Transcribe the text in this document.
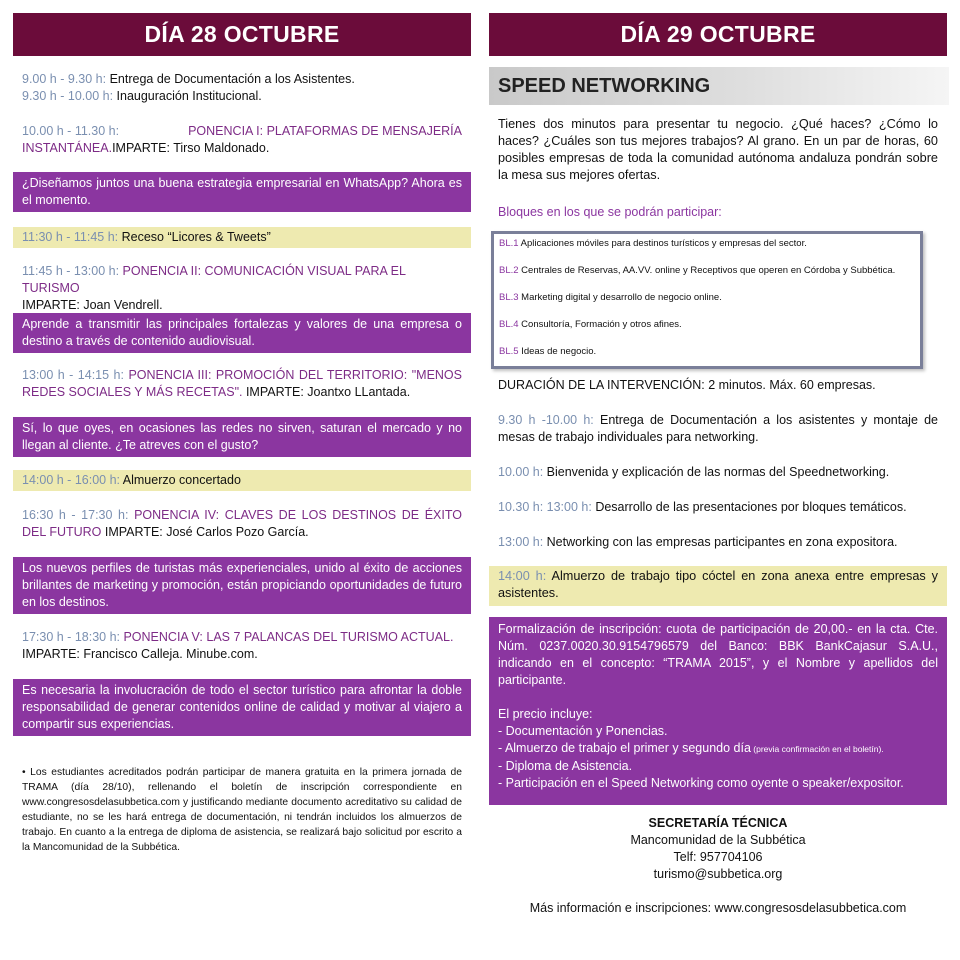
DÍA 28 OCTUBRE
9.00 h - 9.30 h: Entrega de Documentación a los Asistentes.
9.30 h - 10.00 h: Inauguración Institucional.
10.00 h - 11.30 h:	PONENCIA I: PLATAFORMAS DE MENSAJERÍA
INSTANTÁNEA.IMPARTE: Tirso Maldonado.
¿Diseñamos juntos una buena estrategia empresarial en WhatsApp? Ahora es el momento.
11:30 h - 11:45 h: Receso “Licores & Tweets”
11:45 h - 13:00 h: PONENCIA II: COMUNICACIÓN VISUAL PARA EL TURISMO
IMPARTE: Joan Vendrell.
Aprende a transmitir las principales fortalezas y valores de una empresa o destino a través de contenido audiovisual.
13:00 h - 14:15 h: PONENCIA III: PROMOCIÓN DEL TERRITORIO: "MENOS REDES SOCIALES Y MÁS RECETAS". IMPARTE: Joantxo LLantada.
Sí, lo que oyes, en ocasiones las redes no sirven, saturan el mercado y no llegan al cliente. ¿Te atreves con el gusto?
14:00 h - 16:00 h: Almuerzo concertado
16:30 h - 17:30 h: PONENCIA IV: CLAVES DE LOS DESTINOS DE ÉXITO DEL FUTURO IMPARTE: José Carlos Pozo García.
Los nuevos perfiles de turistas más experienciales, unido al éxito de acciones brillantes de marketing y promoción, están propiciando oportunidades de futuro en los destinos.
17:30 h - 18:30 h: PONENCIA V: LAS 7 PALANCAS DEL TURISMO ACTUAL.
IMPARTE: Francisco Calleja. Minube.com.
Es necesaria la involucración de todo el sector turístico para afrontar la doble responsabilidad de generar contenidos online de calidad y motivar al viajero a compartir sus experiencias.
• Los estudiantes acreditados podrán participar de manera gratuita en la primera jornada de TRAMA (día 28/10), rellenando el boletín de inscripción correspondiente en www.congresosdelasubbetica.com y justificando mediante documento acreditativo su calidad de estudiante, no se les hará entrega de documentación, ni tendrán incluidos los almuerzos de trabajo. En cuanto a la entrega de diploma de asistencia, se realizará bajo solicitud por escrito a la Mancomunidad de la Subbética.
DÍA 29 OCTUBRE
SPEED NETWORKING
Tienes dos minutos para presentar tu negocio. ¿Qué haces? ¿Cómo lo haces? ¿Cuáles son tus mejores trabajos? Al grano. En un par de horas, 60 posibles empresas de toda la comunidad autónoma andaluza pondrán sobre la mesa sus mejores ofertas.
Bloques en los que se podrán participar:
BL.1 Aplicaciones móviles para destinos turísticos y empresas del sector.
BL.2 Centrales de Reservas, AA.VV. online y Receptivos que operen en Córdoba y Subbética.
BL.3 Marketing digital y desarrollo de negocio online.
BL.4 Consultoría, Formación y otros afines.
BL.5 Ideas de negocio.
DURACIÓN DE LA INTERVENCIÓN: 2 minutos. Máx. 60 empresas.
9.30 h -10.00 h: Entrega de Documentación a los asistentes y montaje de mesas de trabajo individuales para networking.
10.00 h: Bienvenida y explicación de las normas del Speednetworking.
10.30 h: 13:00 h: Desarrollo de las presentaciones por bloques temáticos.
13:00 h: Networking con las empresas participantes en zona expositora.
14:00 h: Almuerzo de trabajo tipo cóctel en zona anexa entre empresas y asistentes.
Formalización de inscripción: cuota de participación de 20,00.- en la cta. Cte. Núm. 0237.0020.30.9154796579 del Banco: BBK BankCajasur S.A.U., indicando en el concepto: “TRAMA 2015”, y el Nombre y apellidos del participante.
El precio incluye:
- Documentación y Ponencias.
- Almuerzo de trabajo el primer y segundo día (previa confirmación en el boletín).
- Diploma de Asistencia.
- Participación en el Speed Networking como oyente o speaker/expositor.
SECRETARÍA TÉCNICA
Mancomunidad de la Subbética
Telf: 957704106
turismo@subbetica.org
Más información e inscripciones: www.congresosdelasubbetica.com
